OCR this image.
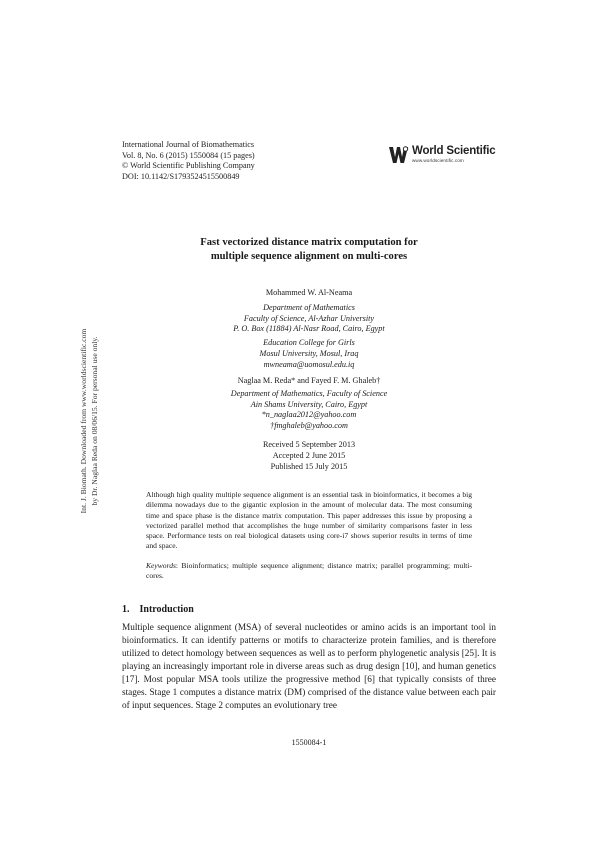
International Journal of Biomathematics
Vol. 8, No. 6 (2015) 1550084 (15 pages)
© World Scientific Publishing Company
DOI: 10.1142/S1793524515500849
World Scientific
www.worldscientific.com
Int. J. Biomath. Downloaded from www.worldscientific.com by Dr. Naglaa Reda on 08/06/15. For personal use only.
Fast vectorized distance matrix computation for
multiple sequence alignment on multi-cores
Mohammed W. Al-Neama
Department of Mathematics
Faculty of Science, Al-Azhar University
P. O. Box (11884) Al-Nasr Road, Cairo, Egypt
Education College for Girls
Mosul University, Mosul, Iraq
mwneama@uomosul.edu.iq
Naglaa M. Reda* and Fayed F. M. Ghaleb†
Department of Mathematics, Faculty of Science
Ain Shams University, Cairo, Egypt
*n_naglaa2012@yahoo.com
†fmghaleb@yahoo.com
Received 5 September 2013
Accepted 2 June 2015
Published 15 July 2015
Although high quality multiple sequence alignment is an essential task in bioinformatics, it becomes a big dilemma nowadays due to the gigantic explosion in the amount of molecular data. The most consuming time and space phase is the distance matrix computation. This paper addresses this issue by proposing a vectorized parallel method that accomplishes the huge number of similarity comparisons faster in less space. Performance tests on real biological datasets using core-i7 shows superior results in terms of time and space.
Keywords: Bioinformatics; multiple sequence alignment; distance matrix; parallel programming; multi-cores.
1. Introduction
Multiple sequence alignment (MSA) of several nucleotides or amino acids is an important tool in bioinformatics. It can identify patterns or motifs to characterize protein families, and is therefore utilized to detect homology between sequences as well as to perform phylogenetic analysis [25]. It is playing an increasingly important role in diverse areas such as drug design [10], and human genetics [17]. Most popular MSA tools utilize the progressive method [6] that typically consists of three stages. Stage 1 computes a distance matrix (DM) comprised of the distance value between each pair of input sequences. Stage 2 computes an evolutionary tree
1550084-1
